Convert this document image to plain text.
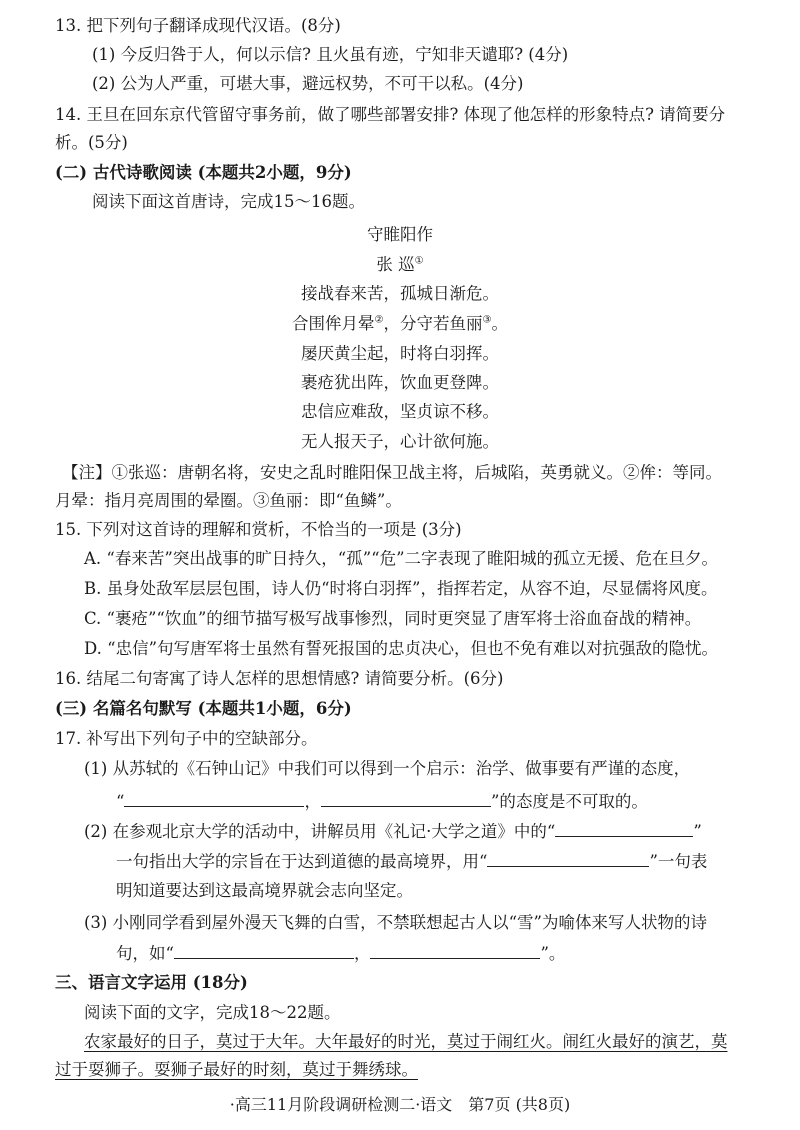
13. 把下列句子翻译成现代汉语。(8分)
(1) 今反归咎于人，何以示信? 且火虽有迹，宁知非天谴耶? (4分)
(2) 公为人严重，可堪大事，避远权势，不可干以私。(4分)
14. 王旦在回东京代管留守事务前，做了哪些部署安排? 体现了他怎样的形象特点? 请简要分
析。(5分)
(二) 古代诗歌阅读 (本题共2小题，9分)
阅读下面这首唐诗，完成15～16题。
守睢阳作
张 巡①
接战春来苦，孤城日渐危。
合围侔月晕②，分守若鱼丽③。
屡厌黄尘起，时将白羽挥。
裹疮犹出阵，饮血更登陴。
忠信应难敌，坚贞谅不移。
无人报天子，心计欲何施。
【注】①张巡：唐朝名将，安史之乱时睢阳保卫战主将，后城陷，英勇就义。②侔：等同。
月晕：指月亮周围的晕圈。③鱼丽：即“鱼鳞”。
15. 下列对这首诗的理解和赏析，不恰当的一项是 (3分)
A. “春来苦”突出战事的旷日持久，“孤”“危”二字表现了睢阳城的孤立无援、危在旦夕。
B. 虽身处敌军层层包围，诗人仍“时将白羽挥”，指挥若定，从容不迫，尽显儒将风度。
C. “裹疮”“饮血”的细节描写极写战事惨烈，同时更突显了唐军将士浴血奋战的精神。
D. “忠信”句写唐军将士虽然有誓死报国的忠贞决心，但也不免有难以对抗强敌的隐忧。
16. 结尾二句寄寓了诗人怎样的思想情感? 请简要分析。(6分)
(三) 名篇名句默写 (本题共1小题，6分)
17. 补写出下列句子中的空缺部分。
(1) 从苏轼的《石钟山记》中我们可以得到一个启示：治学、做事要有严谨的态度，
“	，	”的态度是不可取的。
(2) 在参观北京大学的活动中，讲解员用《礼记·大学之道》中的“	”
一句指出大学的宗旨在于达到道德的最高境界，用“	”一句表
明知道要达到这最高境界就会志向坚定。
(3) 小刚同学看到屋外漫天飞舞的白雪，不禁联想起古人以“雪”为喻体来写人状物的诗
句，如“	，	”。
三、语言文字运用 (18分)
阅读下面的文字，完成18～22题。
农家最好的日子，莫过于大年。大年最好的时光，莫过于闹红火。闹红火最好的演艺，莫
过于耍狮子。耍狮子最好的时刻，莫过于舞绣球。
·高三11月阶段调研检测二·语文　第7页 (共8页)
